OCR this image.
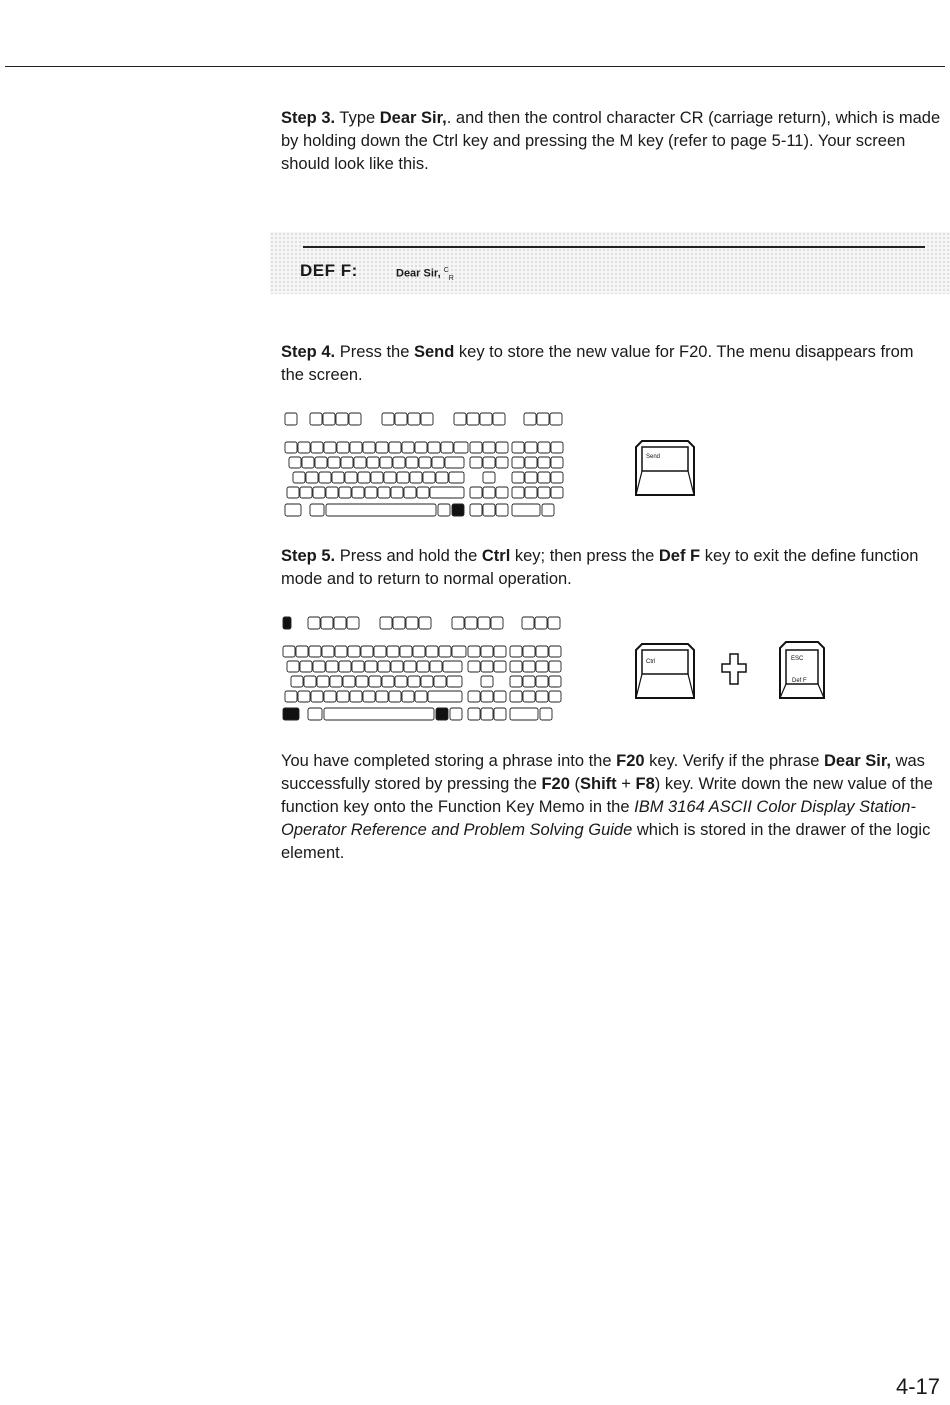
Step 3. Type Dear Sir,. and then the control character CR (carriage return), which is made by holding down the Ctrl key and pressing the M key (refer to page 5-11). Your screen should look like this.

DEF F:	Dear Sir, $^C_R$

Step 4. Press the Send key to store the new value for F20. The menu disappears from the screen.

Send

Step 5. Press and hold the Ctrl key; then press the Def F key to exit the define function mode and to return to normal operation.

Ctrl	ESC
Def F

You have completed storing a phrase into the F20 key. Verify if the phrase Dear Sir, was successfully stored by pressing the F20 (Shift + F8) key. Write down the new value of the function key onto the Function Key Memo in the IBM 3164 ASCII Color Display Station-Operator Reference and Problem Solving Guide which is stored in the drawer of the logic element.

4-17
